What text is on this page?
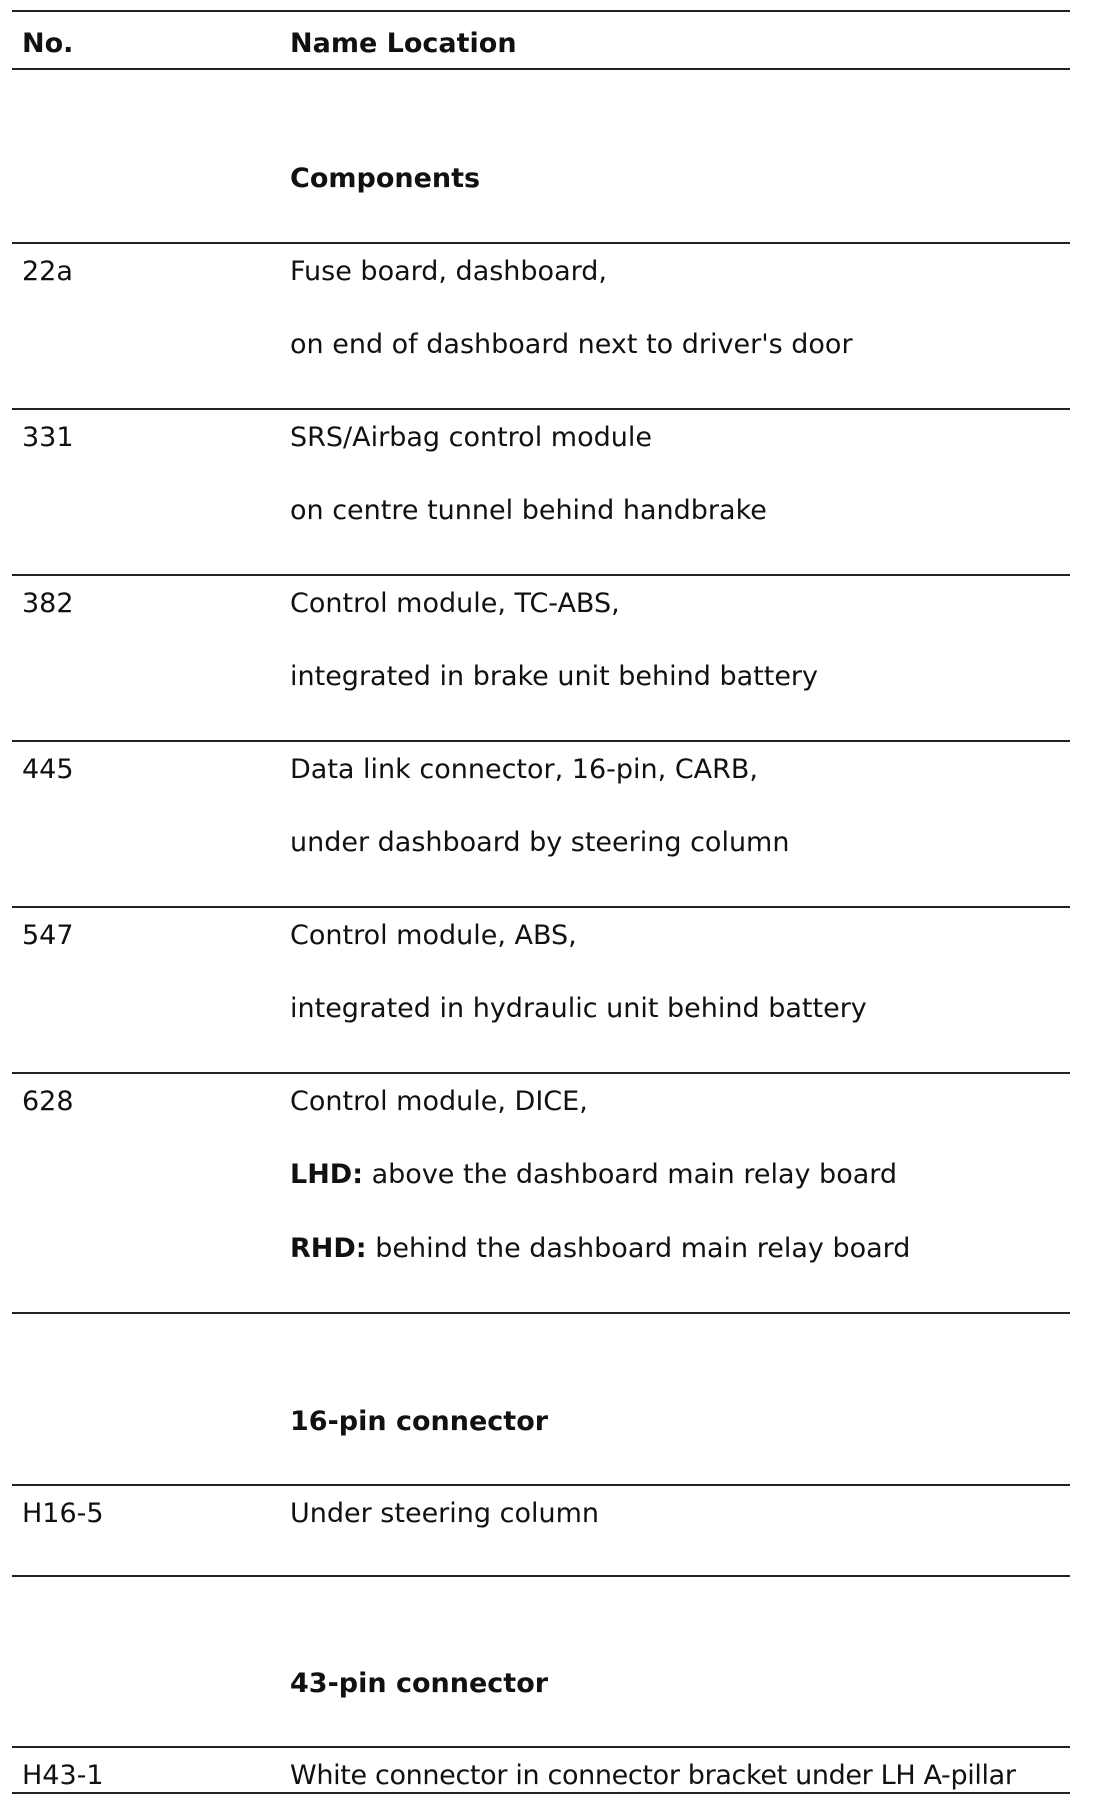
No.	Name Location
Components
22a	Fuse board, dashboard,
on end of dashboard next to driver's door
331	SRS/Airbag control module
on centre tunnel behind handbrake
382	Control module, TC-ABS,
integrated in brake unit behind battery
445	Data link connector, 16-pin, CARB,
under dashboard by steering column
547	Control module, ABS,
integrated in hydraulic unit behind battery
628	Control module, DICE,
LHD: above the dashboard main relay board
RHD: behind the dashboard main relay board
16-pin connector
H16-5	Under steering column
43-pin connector
H43-1	White connector in connector bracket under LH A-pillar
